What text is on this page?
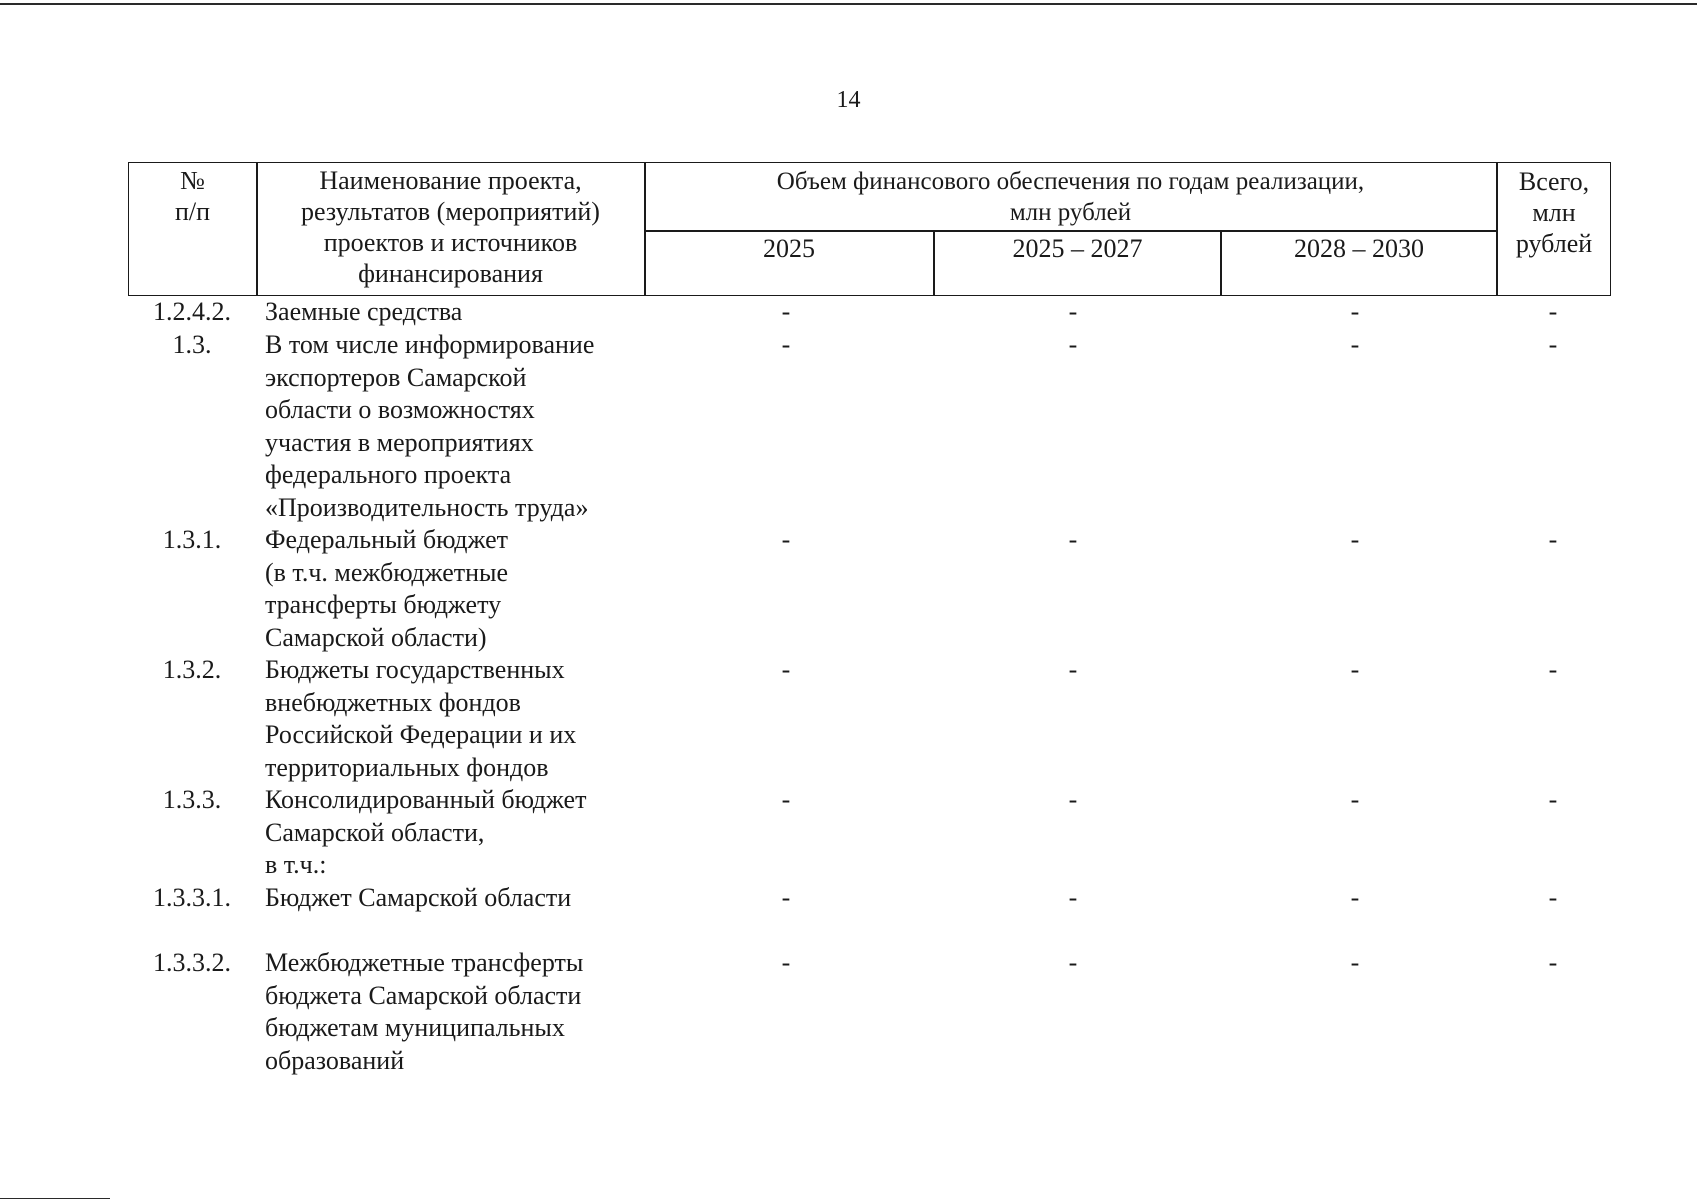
14
№
п/п
Наименование проекта,
результатов (мероприятий)
проектов и источников
финансирования
Объем финансового обеспечения по годам реализации,
млн рублей
2025	2025 – 2027	2028 – 2030
Всего,
млн
рублей
1.2.4.2.	Заемные средства	-	-	-	-
1.3.	В том числе информирование
экспортеров Самарской
области о возможностях
участия в мероприятиях
федерального проекта
«Производительность труда»
-	-	-	-
1.3.1.	Федеральный бюджет
(в т.ч. межбюджетные
трансферты бюджету
Самарской области)
-	-	-	-
1.3.2.	Бюджеты государственных
внебюджетных фондов
Российской Федерации и их
территориальных фондов
-	-	-	-
1.3.3.	Консолидированный бюджет
Самарской области,
в т.ч.:
-	-	-	-
1.3.3.1.	Бюджет Самарской области	-	-	-	-
1.3.3.2.	Межбюджетные трансферты
бюджета Самарской области
бюджетам муниципальных
образований
-	-	-	-
